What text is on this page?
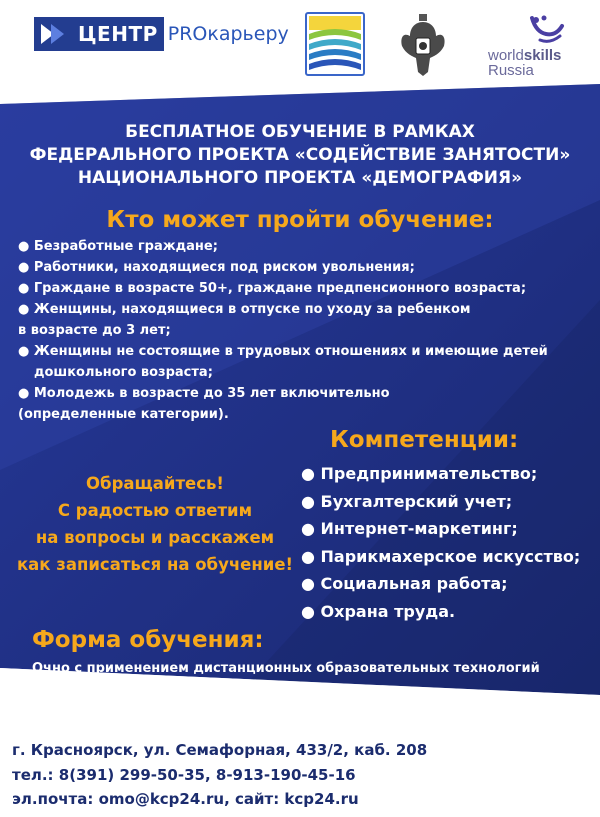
ЦЕНТР PROкарьеру
worldskills
Russia
БЕСПЛАТНОЕ ОБУЧЕНИЕ В РАМКАХ
ФЕДЕРАЛЬНОГО ПРОЕКТА «СОДЕЙСТВИЕ ЗАНЯТОСТИ»
НАЦИОНАЛЬНОГО ПРОЕКТА «ДЕМОГРАФИЯ»
Кто может пройти обучение:
● Безработные граждане;
● Работники, находящиеся под риском увольнения;
● Граждане в возрасте 50+, граждане предпенсионного возраста;
● Женщины, находящиеся в отпуске по уходу за ребенком
в возрасте до 3 лет;
● Женщины не состоящие в трудовых отношениях и имеющие детей
дошкольного возраста;
● Молодежь в возрасте до 35 лет включительно
(определенные категории).
Обращайтесь!
С радостью ответим
на вопросы и расскажем
как записаться на обучение!
Компетенции:
● Предпринимательство;
● Бухгалтерский учет;
● Интернет-маркетинг;
● Парикмахерское искусство;
● Социальная работа;
● Охрана труда.
Форма обучения:
Очно с применением дистанционных образовательных технологий
г. Красноярск, ул. Семафорная, 433/2, каб. 208
тел.: 8(391) 299-50-35, 8-913-190-45-16
эл.почта: omo@kcp24.ru, сайт: kcp24.ru
